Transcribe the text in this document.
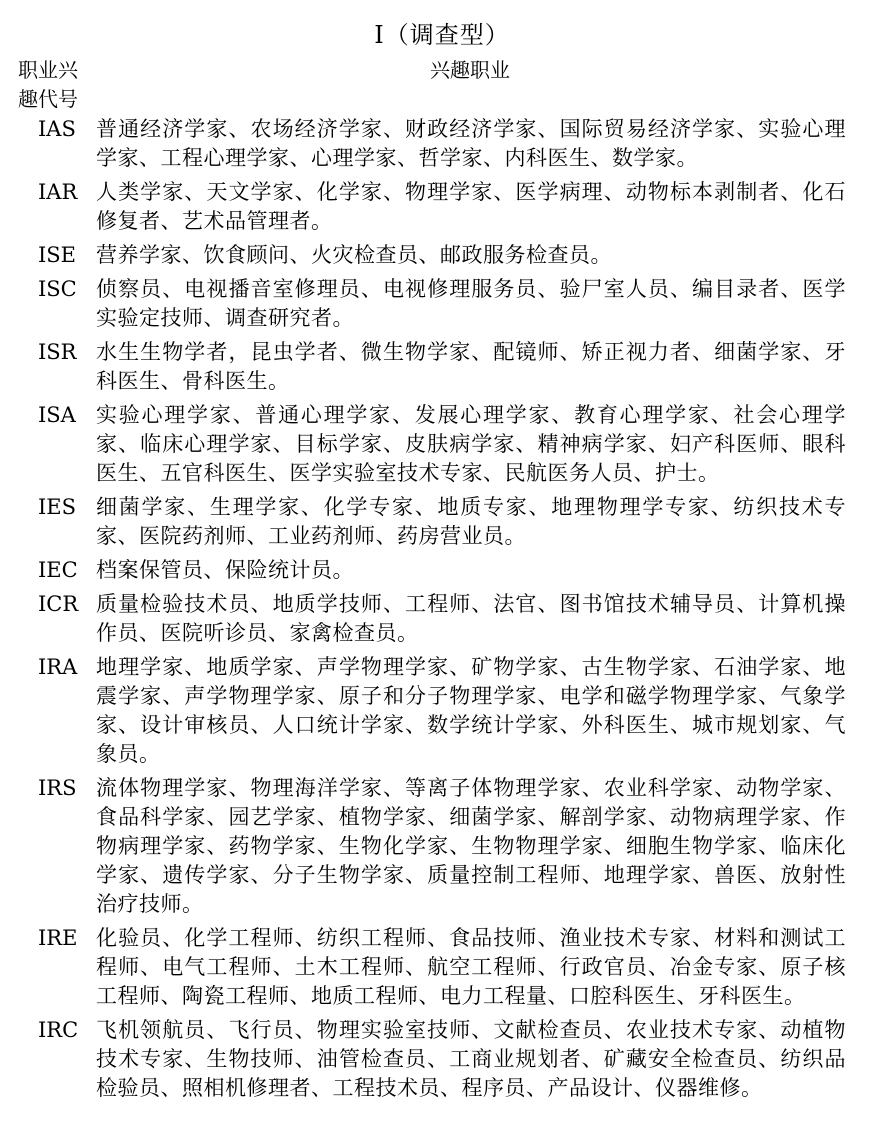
I（调查型）
职业兴
趣代号
兴趣职业
IAS 普通经济学家、农场经济学家、财政经济学家、国际贸易经济学家、实验心理学家、工程心理学家、心理学家、哲学家、内科医生、数学家。

IAR 人类学家、天文学家、化学家、物理学家、医学病理、动物标本剥制者、化石修复者、艺术品管理者。

ISE 营养学家、饮食顾问、火灾检查员、邮政服务检查员。

ISC 侦察员、电视播音室修理员、电视修理服务员、验尸室人员、编目录者、医学实验定技师、调查研究者。

ISR 水生生物学者，昆虫学者、微生物学家、配镜师、矫正视力者、细菌学家、牙科医生、骨科医生。

ISA 实验心理学家、普通心理学家、发展心理学家、教育心理学家、社会心理学家、临床心理学家、目标学家、皮肤病学家、精神病学家、妇产科医师、眼科医生、五官科医生、医学实验室技术专家、民航医务人员、护士。

IES 细菌学家、生理学家、化学专家、地质专家、地理物理学专家、纺织技术专家、医院药剂师、工业药剂师、药房营业员。

IEC 档案保管员、保险统计员。

ICR 质量检验技术员、地质学技师、工程师、法官、图书馆技术辅导员、计算机操作员、医院听诊员、家禽检查员。

IRA 地理学家、地质学家、声学物理学家、矿物学家、古生物学家、石油学家、地震学家、声学物理学家、原子和分子物理学家、电学和磁学物理学家、气象学家、设计审核员、人口统计学家、数学统计学家、外科医生、城市规划家、气象员。

IRS 流体物理学家、物理海洋学家、等离子体物理学家、农业科学家、动物学家、食品科学家、园艺学家、植物学家、细菌学家、解剖学家、动物病理学家、作物病理学家、药物学家、生物化学家、生物物理学家、细胞生物学家、临床化学家、遗传学家、分子生物学家、质量控制工程师、地理学家、兽医、放射性治疗技师。

IRE 化验员、化学工程师、纺织工程师、食品技师、渔业技术专家、材料和测试工程师、电气工程师、土木工程师、航空工程师、行政官员、冶金专家、原子核工程师、陶瓷工程师、地质工程师、电力工程量、口腔科医生、牙科医生。

IRC 飞机领航员、飞行员、物理实验室技师、文献检查员、农业技术专家、动植物技术专家、生物技师、油管检查员、工商业规划者、矿藏安全检查员、纺织品检验员、照相机修理者、工程技术员、程序员、产品设计、仪器维修。
